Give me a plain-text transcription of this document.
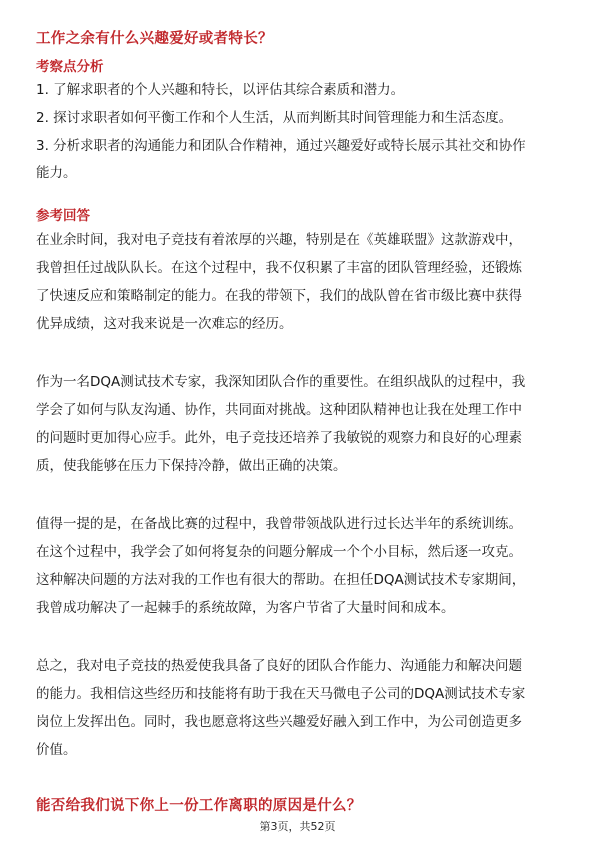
工作之余有什么兴趣爱好或者特长？
考察点分析
1. 了解求职者的个人兴趣和特长，以评估其综合素质和潜力。
2. 探讨求职者如何平衡工作和个人生活，从而判断其时间管理能力和生活态度。
3. 分析求职者的沟通能力和团队合作精神，通过兴趣爱好或特长展示其社交和协作
能力。
参考回答
在业余时间，我对电子竞技有着浓厚的兴趣，特别是在《英雄联盟》这款游戏中，
我曾担任过战队队长。在这个过程中，我不仅积累了丰富的团队管理经验，还锻炼
了快速反应和策略制定的能力。在我的带领下，我们的战队曾在省市级比赛中获得
优异成绩，这对我来说是一次难忘的经历。
作为一名DQA测试技术专家，我深知团队合作的重要性。在组织战队的过程中，我
学会了如何与队友沟通、协作，共同面对挑战。这种团队精神也让我在处理工作中
的问题时更加得心应手。此外，电子竞技还培养了我敏锐的观察力和良好的心理素
质，使我能够在压力下保持冷静，做出正确的决策。
值得一提的是，在备战比赛的过程中，我曾带领战队进行过长达半年的系统训练。
在这个过程中，我学会了如何将复杂的问题分解成一个个小目标，然后逐一攻克。
这种解决问题的方法对我的工作也有很大的帮助。在担任DQA测试技术专家期间，
我曾成功解决了一起棘手的系统故障，为客户节省了大量时间和成本。
总之，我对电子竞技的热爱使我具备了良好的团队合作能力、沟通能力和解决问题
的能力。我相信这些经历和技能将有助于我在天马微电子公司的DQA测试技术专家
岗位上发挥出色。同时，我也愿意将这些兴趣爱好融入到工作中，为公司创造更多
价值。
能否给我们说下你上一份工作离职的原因是什么？
第3页，共52页
